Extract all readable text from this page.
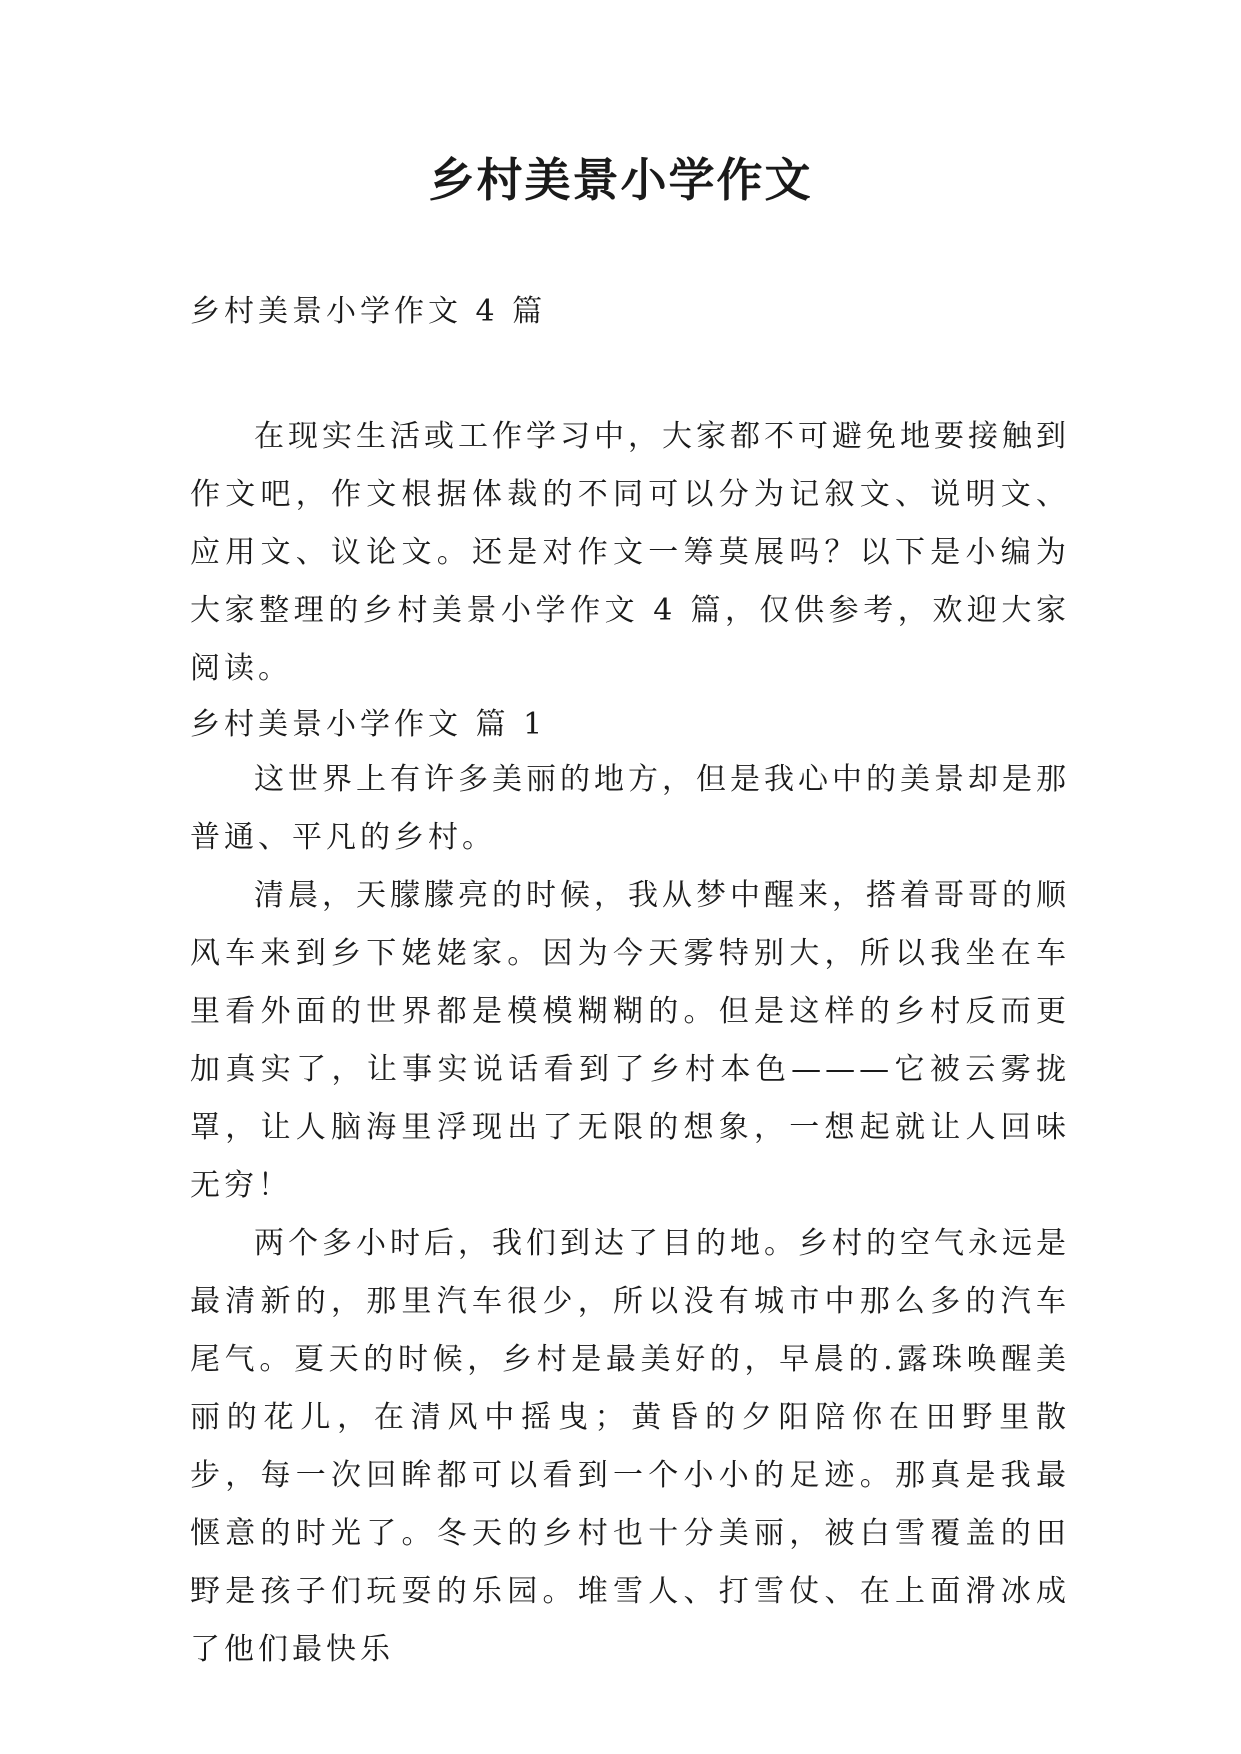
乡村美景小学作文

乡村美景小学作文 4 篇

在现实生活或工作学习中，大家都不可避免地要接触到作文吧，作文根据体裁的不同可以分为记叙文、说明文、应用文、议论文。还是对作文一筹莫展吗？以下是小编为大家整理的乡村美景小学作文 4 篇，仅供参考，欢迎大家阅读。

乡村美景小学作文 篇 1

这世界上有许多美丽的地方，但是我心中的美景却是那普通、平凡的乡村。

清晨，天朦朦亮的时候，我从梦中醒来，搭着哥哥的顺风车来到乡下姥姥家。因为今天雾特别大，所以我坐在车里看外面的世界都是模模糊糊的。但是这样的乡村反而更加真实了，让事实说话看到了乡村本色———它被云雾拢罩，让人脑海里浮现出了无限的想象，一想起就让人回味无穷！

两个多小时后，我们到达了目的地。乡村的空气永远是最清新的，那里汽车很少，所以没有城市中那么多的汽车尾气。夏天的时候，乡村是最美好的，早晨的.露珠唤醒美丽的花儿，在清风中摇曳；黄昏的夕阳陪你在田野里散步，每一次回眸都可以看到一个小小的足迹。那真是我最惬意的时光了。冬天的乡村也十分美丽，被白雪覆盖的田野是孩子们玩耍的乐园。堆雪人、打雪仗、在上面滑冰成了他们最快乐
